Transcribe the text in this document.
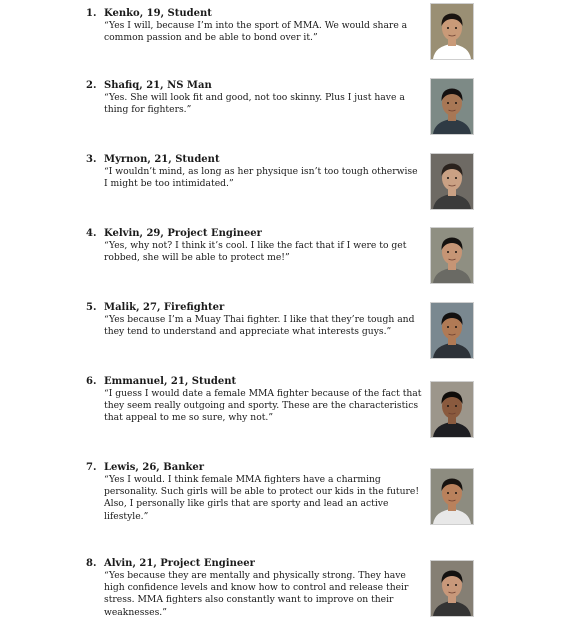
1. Kenko, 19, Student
“Yes I will, because I’m into the sport of MMA. We would share a common passion and be able to bond over it.”
2. Shafiq, 21, NS Man
“Yes. She will look fit and good, not too skinny. Plus I just have a thing for fighters.”
3. Myrnon, 21, Student
“I wouldn’t mind, as long as her physique isn’t too tough otherwise I might be too intimidated.”
4. Kelvin, 29, Project Engineer
“Yes, why not? I think it’s cool. I like the fact that if I were to get robbed, she will be able to protect me!”
5. Malik, 27, Firefighter
“Yes because I’m a Muay Thai fighter. I like that they’re tough and they tend to understand and appreciate what interests guys.”
6. Emmanuel, 21, Student
“I guess I would date a female MMA fighter because of the fact that they seem really outgoing and sporty. These are the characteristics that appeal to me so sure, why not.”
7. Lewis, 26, Banker
“Yes I would. I think female MMA fighters have a charming personality. Such girls will be able to protect our kids in the future! Also, I personally like girls that are sporty and lead an active lifestyle.”
8. Alvin, 21, Project Engineer
“Yes because they are mentally and physically strong. They have high confidence levels and know how to control and release their stress. MMA fighters also constantly want to improve on their weaknesses.”
